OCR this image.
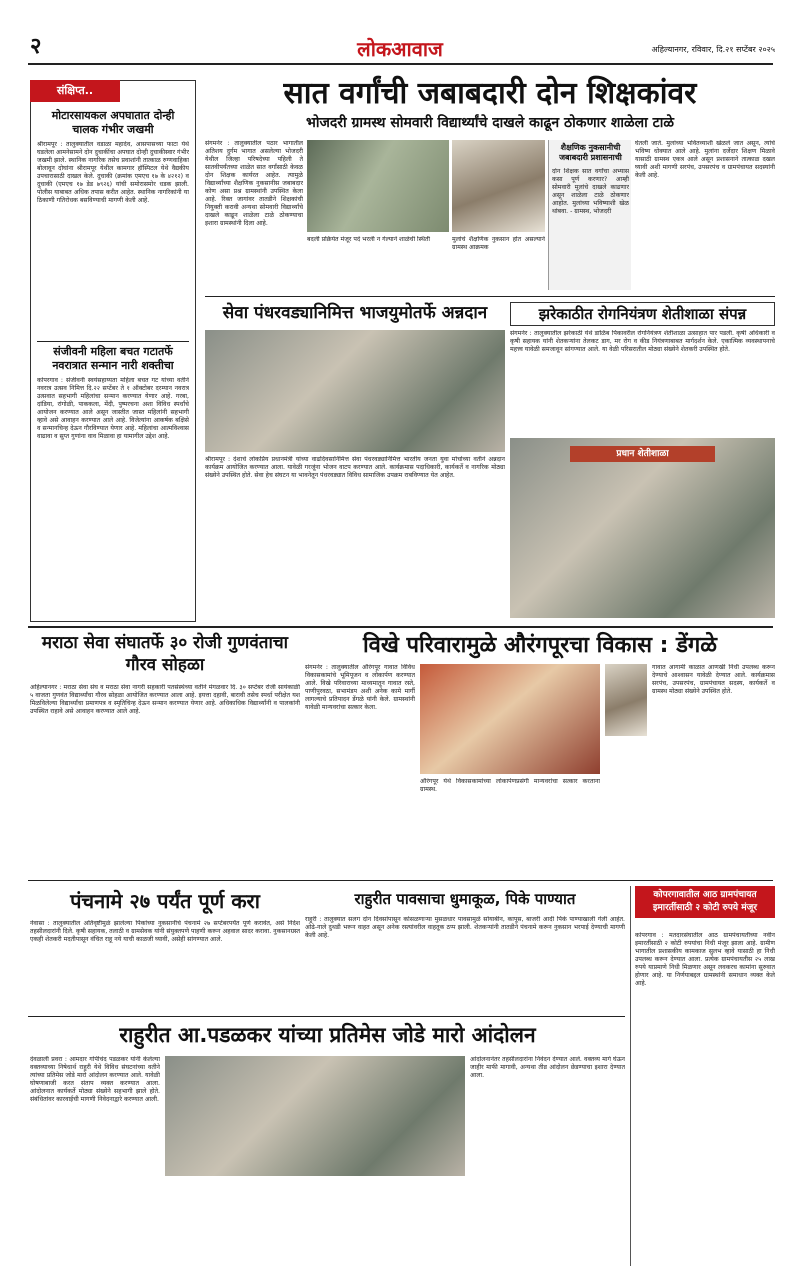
२	लोकआवाज	अहिल्यानगर, रविवार, दि.२१ सप्टेंबर २०२५
संक्षिप्त..
मोटारसायकल अपघातात दोन्ही चालक गंभीर जखमी
श्रीरामपूर : तालुक्यातील वडाळा महादेव, आसपासच्या फाटा येथे घडलेला आमनेसामने दोन दुचाकींचा अपघात दोन्ही दुचाकीस्वार गंभीर जखमी झाले. स्थानिक नागरिक तसेच प्रवाशांनी तात्काळ रुग्णवाहिका बोलावून दोघांना श्रीरामपूर येथील कामगार हॉस्पिटल येथे वैद्यकीय उपचारासाठी दाखल केले. दुचाकी (क्रमांक एमएच १७ के ४२१२) व दुचाकी (एमएच १७ डेड ७९२६) यांची समोरासमोर धडक झाली. पोलीस याबाबत अधिक तपास करीत आहेत. स्थानिक नागरिकांनी या ठिकाणी गतिरोधक बसविण्याची मागणी केली आहे.
संजीवनी महिला बचत गटातर्फे नवरात्रात सन्मान नारी शक्तीचा
कोपरगाव : संजीवनी स्वयंसहाय्यता महिला बचत गट यांच्या वतीने नवरात्र उत्सव निमित्त दि.२२ सप्टेंबर ते १ ऑक्टोबर दरम्यान नवरात्र उत्सवात सहभागी महिलांचा सन्मान करण्यात येणार आहे. गरबा, दांडिया, रांगोळी, पाककला, मेंदी, पुष्परचना अशा विविध स्पर्धांचे आयोजन करण्यात आले असून जास्तीत जास्त महिलांनी सहभागी व्हावे असे आवाहन करण्यात आले आहे. विजेत्यांना आकर्षक बक्षिसे व सन्मानचिन्ह देऊन गौरविण्यात येणार आहे. महिलांचा आत्मविश्वास वाढावा व सुप्त गुणांना वाव मिळावा हा यामागील उद्देश आहे.
सात वर्गांची जबाबदारी दोन शिक्षकांवर
भोजदरी ग्रामस्थ सोमवारी विद्यार्थ्यांचे दाखले काढून ठोकणार शाळेला टाळे
संगमनेर : तालुक्यातील पठार भागातील अतिशय दुर्गम भागात असलेल्या भोजदरी येथील जिल्हा परिषदेच्या पहिली ते सातवीपर्यंतच्या शाळेत सात वर्गांसाठी केवळ दोन शिक्षक कार्यरत आहेत. त्यामुळे विद्यार्थ्यांच्या शैक्षणिक नुकसानीस जबाबदार कोण असा प्रश्न ग्रामस्थांनी उपस्थित केला आहे. रिक्त जागांवर तातडीने शिक्षकांची नियुक्ती करावी अन्यथा सोमवारी विद्यार्थ्यांचे दाखले काढून शाळेला टाळे ठोकण्याचा इशारा ग्रामस्थांनी दिला आहे.
बदली प्रक्रियेत मंजूर पदे भरली न गेल्याने शाळेची स्थिती	मुलांचे शैक्षणिक नुकसान होत असल्याने ग्रामस्थ आक्रमक
शैक्षणिक नुकसानीची जबाबदारी प्रशासनाची
दोन शिक्षक सात वर्गांचा अभ्यास कसा पूर्ण करणार? आम्ही सोमवारी मुलांचे दाखले काढणार असून शाळेला टाळे ठोकणार आहोत. मुलांच्या भविष्याशी खेळ थांबवा. - ग्रामस्थ, भोजदरी
घेतली जाते. मुलांच्या भवितव्याशी खेळले जात असून, त्यांचे भविष्य धोक्यात आले आहे. मुलांना दर्जेदार शिक्षण मिळावे यासाठी ग्रामस्थ एकत्र आले असून प्रशासनाने तात्काळ दखल घ्यावी अशी मागणी सरपंच, उपसरपंच व ग्रामपंचायत सदस्यांनी केली आहे.
सेवा पंधरवड्यानिमित्त भाजयुमोतर्फे अन्नदान
श्रीरामपूर : देशाचे लोकप्रिय प्रधानमंत्री यांच्या वाढदिवसानिमित्त सेवा पंधरवड्यानिमित्त भारतीय जनता युवा मोर्चाच्या वतीने अन्नदान कार्यक्रम आयोजित करण्यात आला. यावेळी गरजूंना भोजन वाटप करण्यात आले. कार्यक्रमास पदाधिकारी, कार्यकर्ते व नागरिक मोठ्या संख्येने उपस्थित होते. सेवा हेच संघटन या भावनेतून पंधरवड्यात विविध सामाजिक उपक्रम राबविण्यात येत आहेत.
झरेकाठीत रोगनियंत्रण शेतीशाळा संपन्न
संगमनेर : तालुक्यातील झरेकाठी येथे डाळिंब पिकावरील रोगनियंत्रण शेतीशाळा उत्साहात पार पडली. कृषी अधिकारी व कृषी सहायक यांनी शेतकऱ्यांना तेलकट डाग, मर रोग व कीड नियंत्रणाबाबत मार्गदर्शन केले. एकात्मिक व्यवस्थापनाचे महत्त्व यावेळी समजावून सांगण्यात आले. या वेळी परिसरातील मोठ्या संख्येने शेतकरी उपस्थित होते.
प्रधान शेतीशाळा
मराठा सेवा संघातर्फे ३० रोजी गुणवंताचा गौरव सोहळा
अहिल्यानगर : मराठा सेवा संघ व मराठा सेवा नागरी सहकारी पतसंस्थेच्या वतीने मंगळवार दि. ३० सप्टेंबर रोजी सायंकाळी ५ वाजता गुणवंत विद्यार्थ्यांचा गौरव सोहळा आयोजित करण्यात आला आहे. इयत्ता दहावी, बारावी तसेच स्पर्धा परीक्षेत यश मिळविलेल्या विद्यार्थ्यांचा प्रमाणपत्र व स्मृतिचिन्ह देऊन सन्मान करण्यात येणार आहे. अधिकाधिक विद्यार्थ्यांनी व पालकांनी उपस्थित राहावे असे आवाहन करण्यात आले आहे.
विखे परिवारामुळे औरंगपूरचा विकास : डेंगळे
संगमनेर : तालुक्यातील औरंगपूर गावात विविध विकासकामांचे भूमिपूजन व लोकार्पण करण्यात आले. विखे परिवाराच्या माध्यमातून गावात रस्ते, पाणीपुरवठा, सभामंडप अशी अनेक कामे मार्गी लागल्याचे प्रतिपादन डेंगळे यांनी केले. ग्रामस्थांनी यावेळी मान्यवरांचा सत्कार केला.
औरंगपूर येथे विकासकामांच्या लोकार्पणप्रसंगी मान्यवरांचा सत्कार करताना ग्रामस्थ.
गावात आगामी काळात आणखी निधी उपलब्ध करून देण्याचे आश्वासन यावेळी देण्यात आले. कार्यक्रमास सरपंच, उपसरपंच, ग्रामपंचायत सदस्य, कार्यकर्ते व ग्रामस्थ मोठ्या संख्येने उपस्थित होते.
पंचनामे २७ पर्यंत पूर्ण करा
नेवासा : तालुक्यातील अतिवृष्टीमुळे झालेल्या पिकांच्या नुकसानीचे पंचनामे २७ सप्टेंबरपर्यंत पूर्ण करावेत, असे निर्देश तहसीलदारांनी दिले. कृषी सहायक, तलाठी व ग्रामसेवक यांनी संयुक्तपणे पाहणी करून अहवाल सादर करावा. नुकसानग्रस्त एकही शेतकरी मदतीपासून वंचित राहू नये याची काळजी घ्यावी, असेही सांगण्यात आले.
राहुरीत पावसाचा धुमाकूळ, पिके पाण्यात
राहुरी : तालुक्यात सलग दोन दिवसांपासून कोसळणाऱ्या मुसळधार पावसामुळे सोयाबीन, कापूस, बाजरी आदी पिके पाण्याखाली गेली आहेत. ओढे-नाले दुथडी भरून वाहत असून अनेक रस्त्यांवरील वाहतूक ठप्प झाली. शेतकऱ्यांनी तातडीने पंचनामे करून नुकसान भरपाई देण्याची मागणी केली आहे.
कोपरगावातील आठ ग्रामपंचायत इमारतींसाठी २ कोटी रुपये मंजूर
कोपरगाव : मतदारसंघातील आठ ग्रामपंचायतींच्या नवीन इमारतींसाठी २ कोटी रुपयांचा निधी मंजूर झाला आहे. ग्रामीण भागातील प्रशासकीय कामकाज सुलभ व्हावे यासाठी हा निधी उपलब्ध करून देण्यात आला. प्रत्येक ग्रामपंचायतीस २५ लाख रुपये याप्रमाणे निधी मिळणार असून लवकरच कामांना सुरुवात होणार आहे. या निर्णयाबद्दल ग्रामस्थांनी समाधान व्यक्त केले आहे.
राहुरीत आ.पडळकर यांच्या प्रतिमेस जोडे मारो आंदोलन
देवळाली प्रवरा : आमदार गोपीचंद पडळकर यांनी केलेल्या वक्तव्याच्या निषेधार्थ राहुरी येथे विविध संघटनांच्या वतीने त्यांच्या प्रतिमेस जोडे मारो आंदोलन करण्यात आले. यावेळी घोषणाबाजी करत संताप व्यक्त करण्यात आला. आंदोलनात कार्यकर्ते मोठ्या संख्येने सहभागी झाले होते. संबंधितांवर कारवाईची मागणी निवेदनाद्वारे करण्यात आली.
आंदोलनानंतर तहसीलदारांना निवेदन देण्यात आले. वक्तव्य मागे घेऊन जाहीर माफी मागावी, अन्यथा तीव्र आंदोलन छेडण्याचा इशारा देण्यात आला.
